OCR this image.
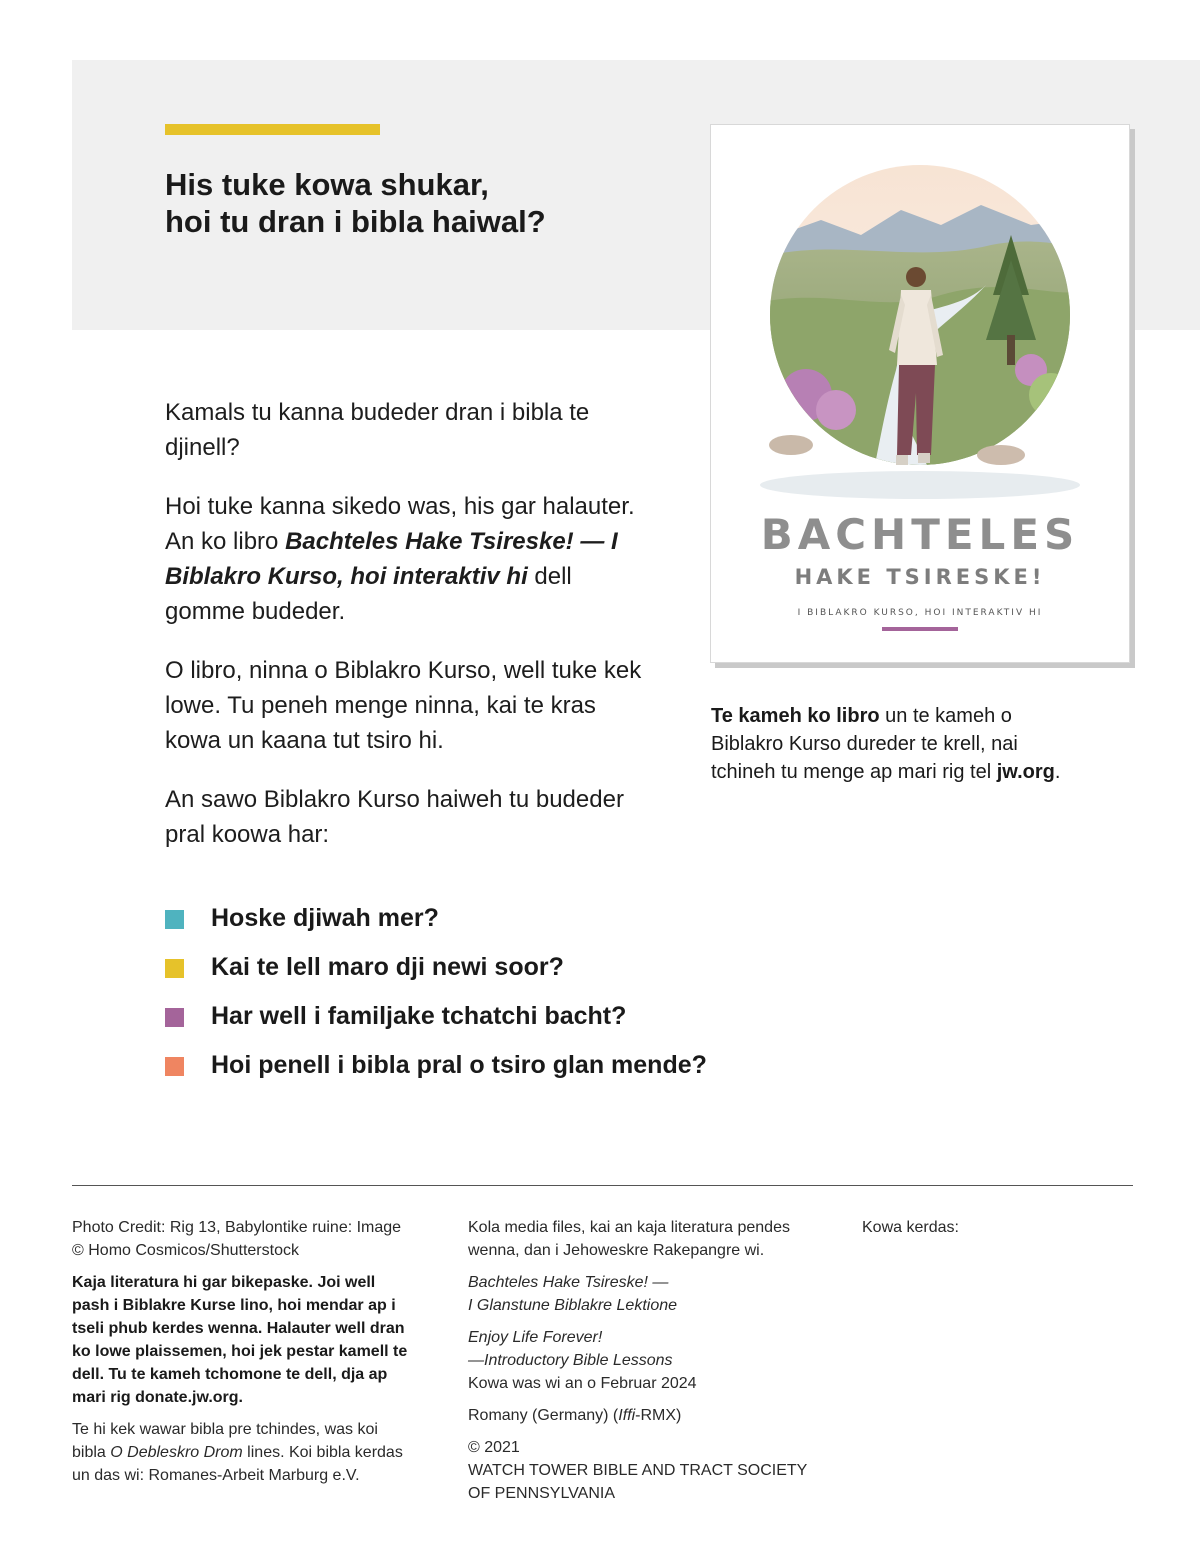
His tuke kowa shukar,
hoi tu dran i bibla haiwal?

Kamals tu kanna budeder dran i bibla te djinell?

Hoi tuke kanna sikedo was, his gar halauter. An ko libro Bachteles Hake Tsireske! — I Biblakro Kurso, hoi interaktiv hi dell gomme budeder.

O libro, ninna o Biblakro Kurso, well tuke kek lowe. Tu peneh menge ninna, kai te kras kowa un kaana tut tsiro hi.

An sawo Biblakro Kurso haiweh tu budeder pral koowa har:

Hoske djiwah mer?
Kai te lell maro dji newi soor?
Har well i familjake tchatchi bacht?
Hoi penell i bibla pral o tsiro glan mende?

BACHTELES

HAKE TSIRESKE!

I BIBLAKRO KURSO, HOI INTERAKTIV HI

Te kameh ko libro un te kameh o Biblakro Kurso dureder te krell, nai tchineh tu menge ap mari rig tel jw.org.

Photo Credit: Rig 13, Babylontike ruine: Image © Homo Cosmicos/Shutterstock

Kaja literatura hi gar bikepaske. Joi well pash i Biblakre Kurse lino, hoi mendar ap i tseli phub kerdes wenna. Halauter well dran ko lowe plaissemen, hoi jek pestar kamell te dell. Tu te kameh tchomone te dell, dja ap mari rig donate.jw.org.

Te hi kek wawar bibla pre tchindes, was koi bibla O Debleskro Drom lines. Koi bibla kerdas un das wi: Romanes-Arbeit Marburg e.V.

Kola media files, kai an kaja literatura pendes wenna, dan i Jehoweskre Rakepangre wi.

Bachteles Hake Tsireske! —
I Glanstune Biblakre Lektione

Enjoy Life Forever!
—Introductory Bible Lessons
Kowa was wi an o Februar 2024

Romany (Germany) (Iffi-RMX)

© 2021
WATCH TOWER BIBLE AND TRACT SOCIETY
OF PENNSYLVANIA

Kowa kerdas:
